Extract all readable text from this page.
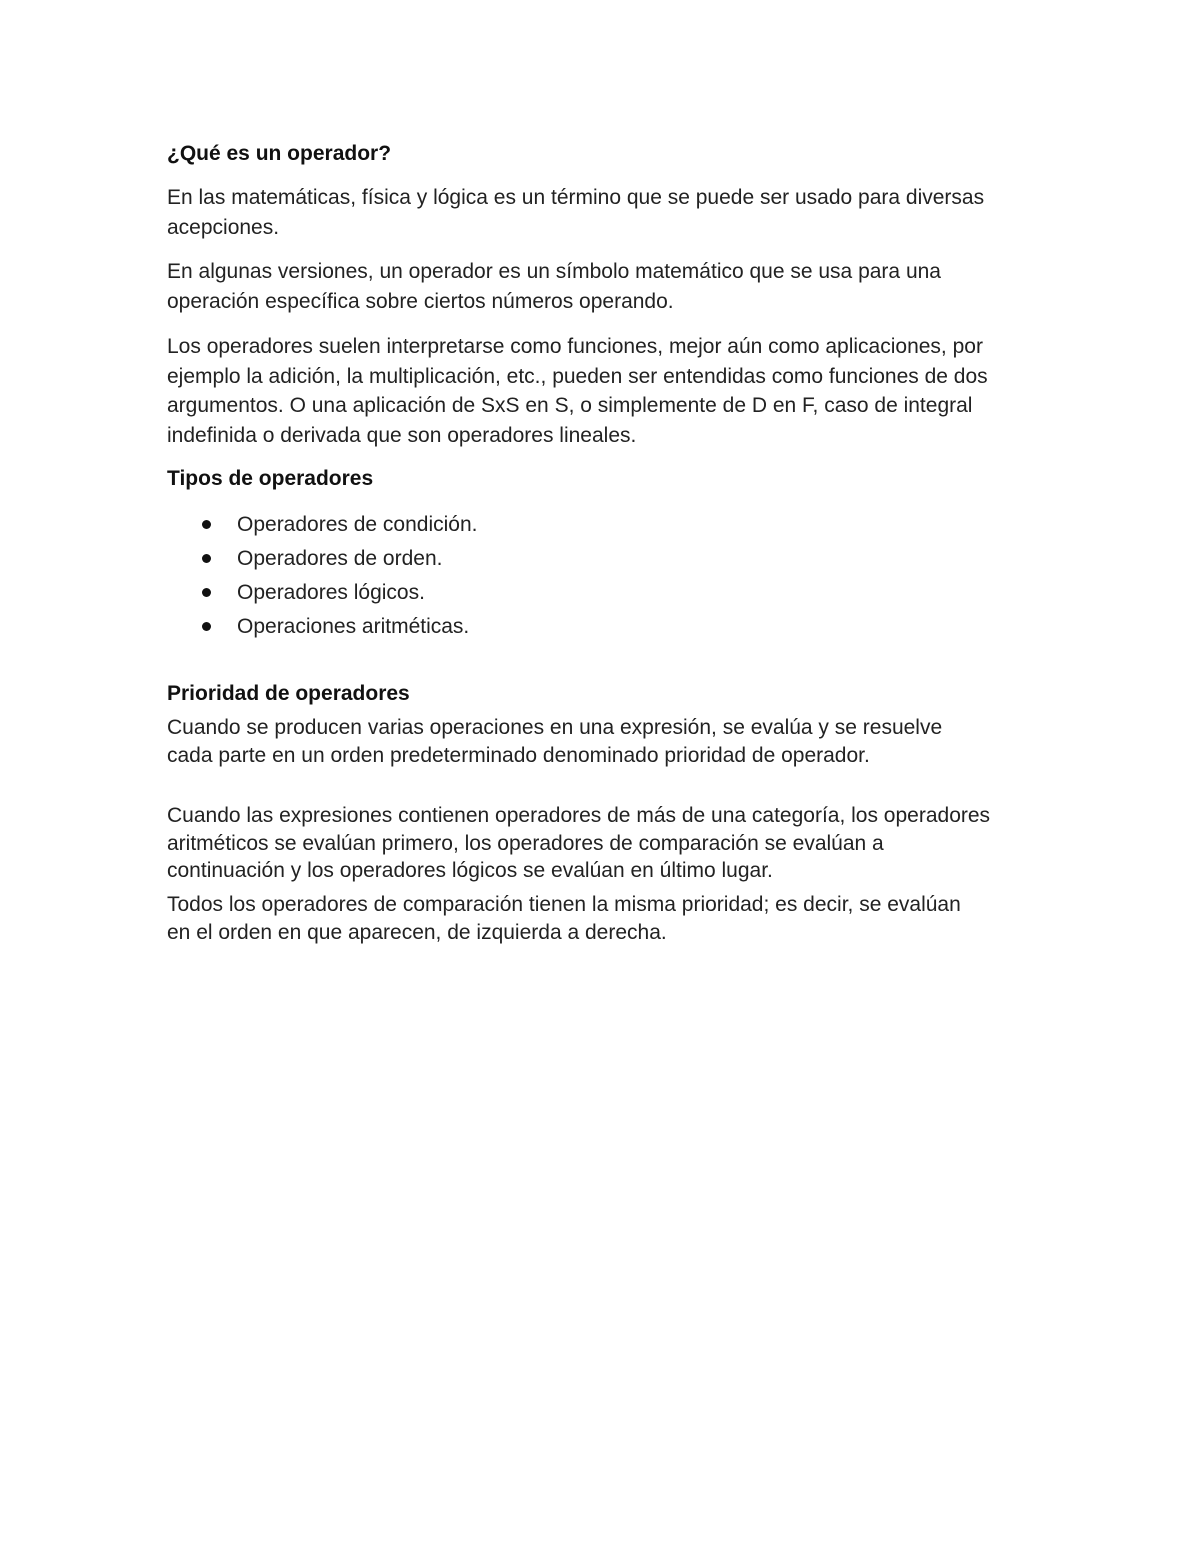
¿Qué es un operador?

En las matemáticas, física y lógica es un término que se puede ser usado para diversas acepciones.

En algunas versiones, un operador es un símbolo matemático que se usa para una operación específica sobre ciertos números operando.

Los operadores suelen interpretarse como funciones, mejor aún como aplicaciones, por ejemplo la adición, la multiplicación, etc., pueden ser entendidas como funciones de dos argumentos. O una aplicación de SxS en S, o simplemente de D en F, caso de integral indefinida o derivada que son operadores lineales.

Tipos de operadores
Operadores de condición.
Operadores de orden.
Operadores lógicos.
Operaciones aritméticas.
Prioridad de operadores

Cuando se producen varias operaciones en una expresión, se evalúa y se resuelve cada parte en un orden predeterminado denominado prioridad de operador.

Cuando las expresiones contienen operadores de más de una categoría, los operadores aritméticos se evalúan primero, los operadores de comparación se evalúan a continuación y los operadores lógicos se evalúan en último lugar.

Todos los operadores de comparación tienen la misma prioridad; es decir, se evalúan en el orden en que aparecen, de izquierda a derecha.
